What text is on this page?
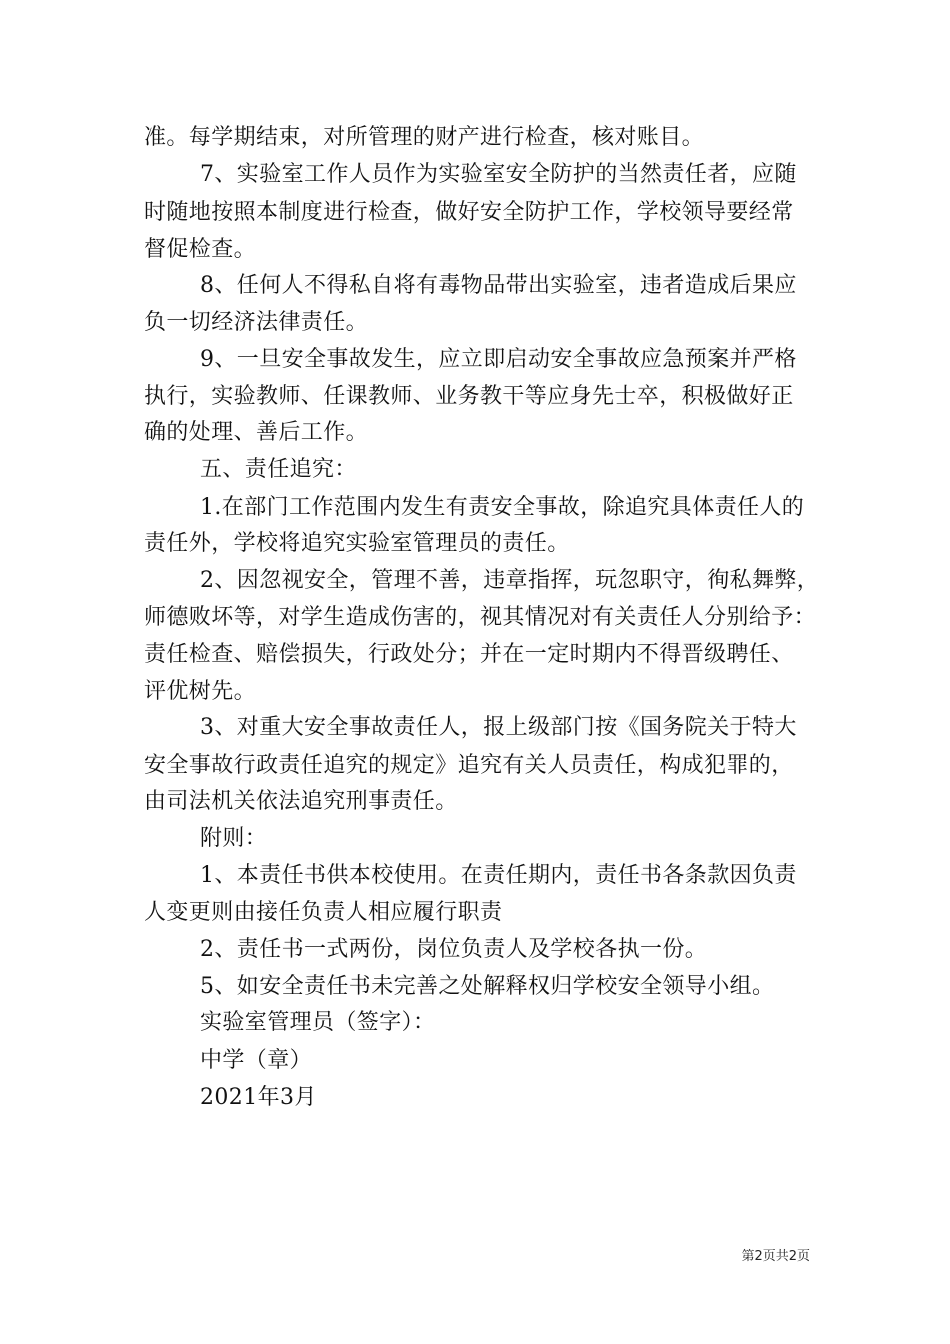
准。每学期结束，对所管理的财产进行检查，核对账目。
7、实验室工作人员作为实验室安全防护的当然责任者，应随
时随地按照本制度进行检查，做好安全防护工作，学校领导要经常
督促检查。
8、任何人不得私自将有毒物品带出实验室，违者造成后果应
负一切经济法律责任。
9、一旦安全事故发生，应立即启动安全事故应急预案并严格
执行，实验教师、任课教师、业务教干等应身先士卒，积极做好正
确的处理、善后工作。
五、责任追究：
1.在部门工作范围内发生有责安全事故，除追究具体责任人的
责任外，学校将追究实验室管理员的责任。
2、因忽视安全，管理不善，违章指挥，玩忽职守，徇私舞弊，
师德败坏等，对学生造成伤害的，视其情况对有关责任人分别给予：
责任检查、赔偿损失，行政处分；并在一定时期内不得晋级聘任、
评优树先。
3、对重大安全事故责任人，报上级部门按《国务院关于特大
安全事故行政责任追究的规定》追究有关人员责任，构成犯罪的，
由司法机关依法追究刑事责任。
附则：
1、本责任书供本校使用。在责任期内，责任书各条款因负责
人变更则由接任负责人相应履行职责
2、责任书一式两份，岗位负责人及学校各执一份。
5、如安全责任书未完善之处解释权归学校安全领导小组。
实验室管理员（签字）：
中学（章）
2021年3月
第2页共2页
